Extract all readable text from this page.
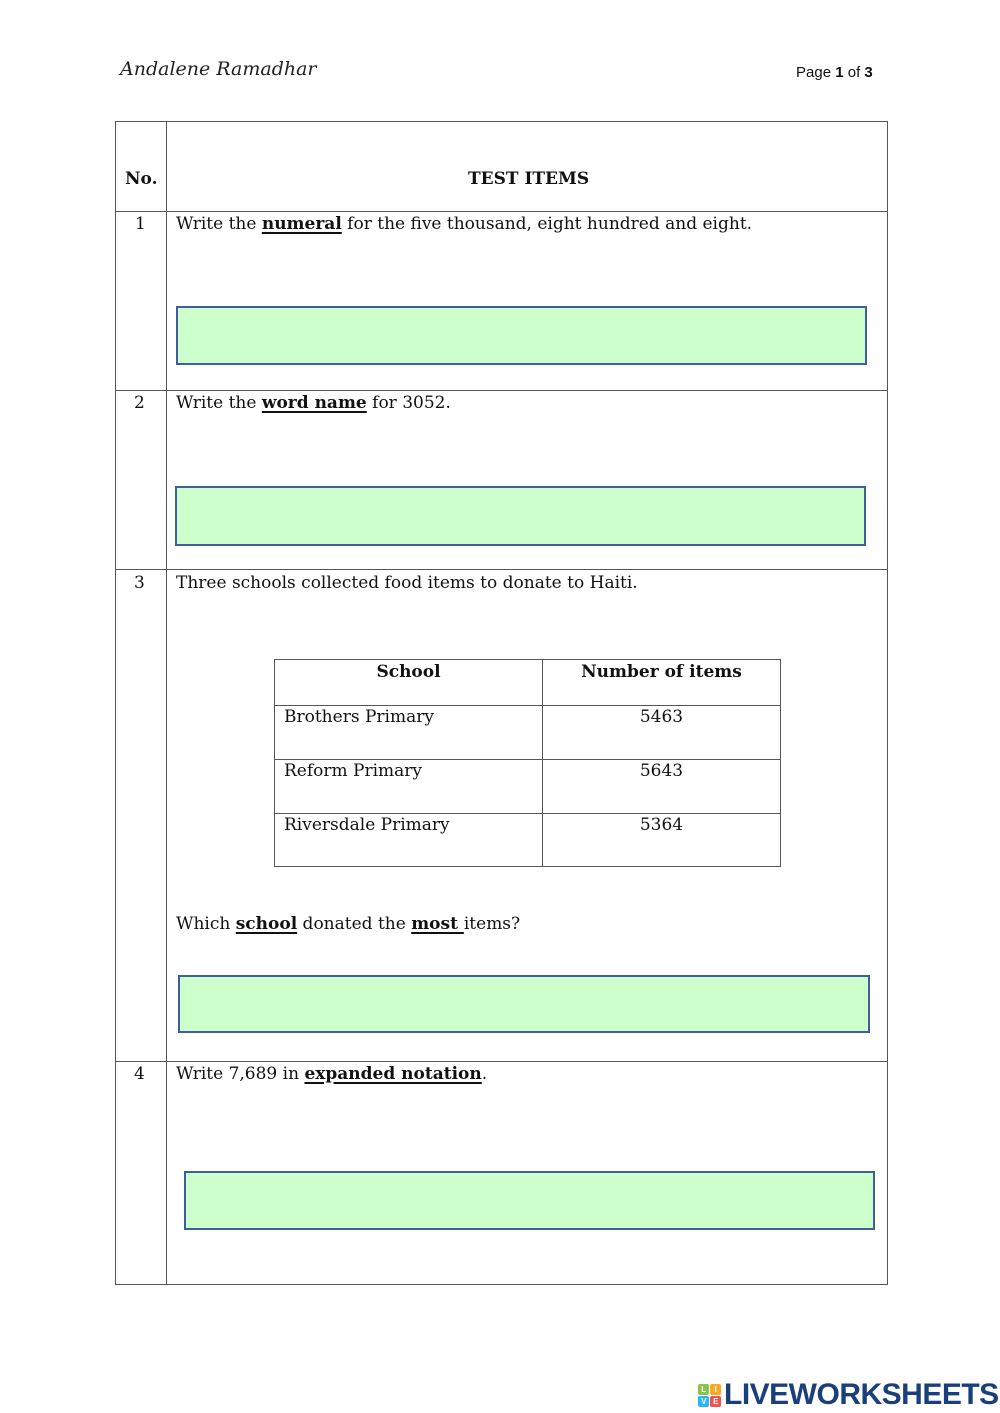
Andalene Ramadhar	Page 1 of 3
No.	TEST ITEMS
1 Write the numeral for the five thousand, eight hundred and eight.
2 Write the word name for 3052.
3 Three schools collected food items to donate to Haiti.
School	Number of items
Brothers Primary	5463
Reform Primary	5643
Riversdale Primary	5364
Which school donated the most items?
4 Write 7,689 in expanded notation.
L	I
V E LIVEWORKSHEETS
